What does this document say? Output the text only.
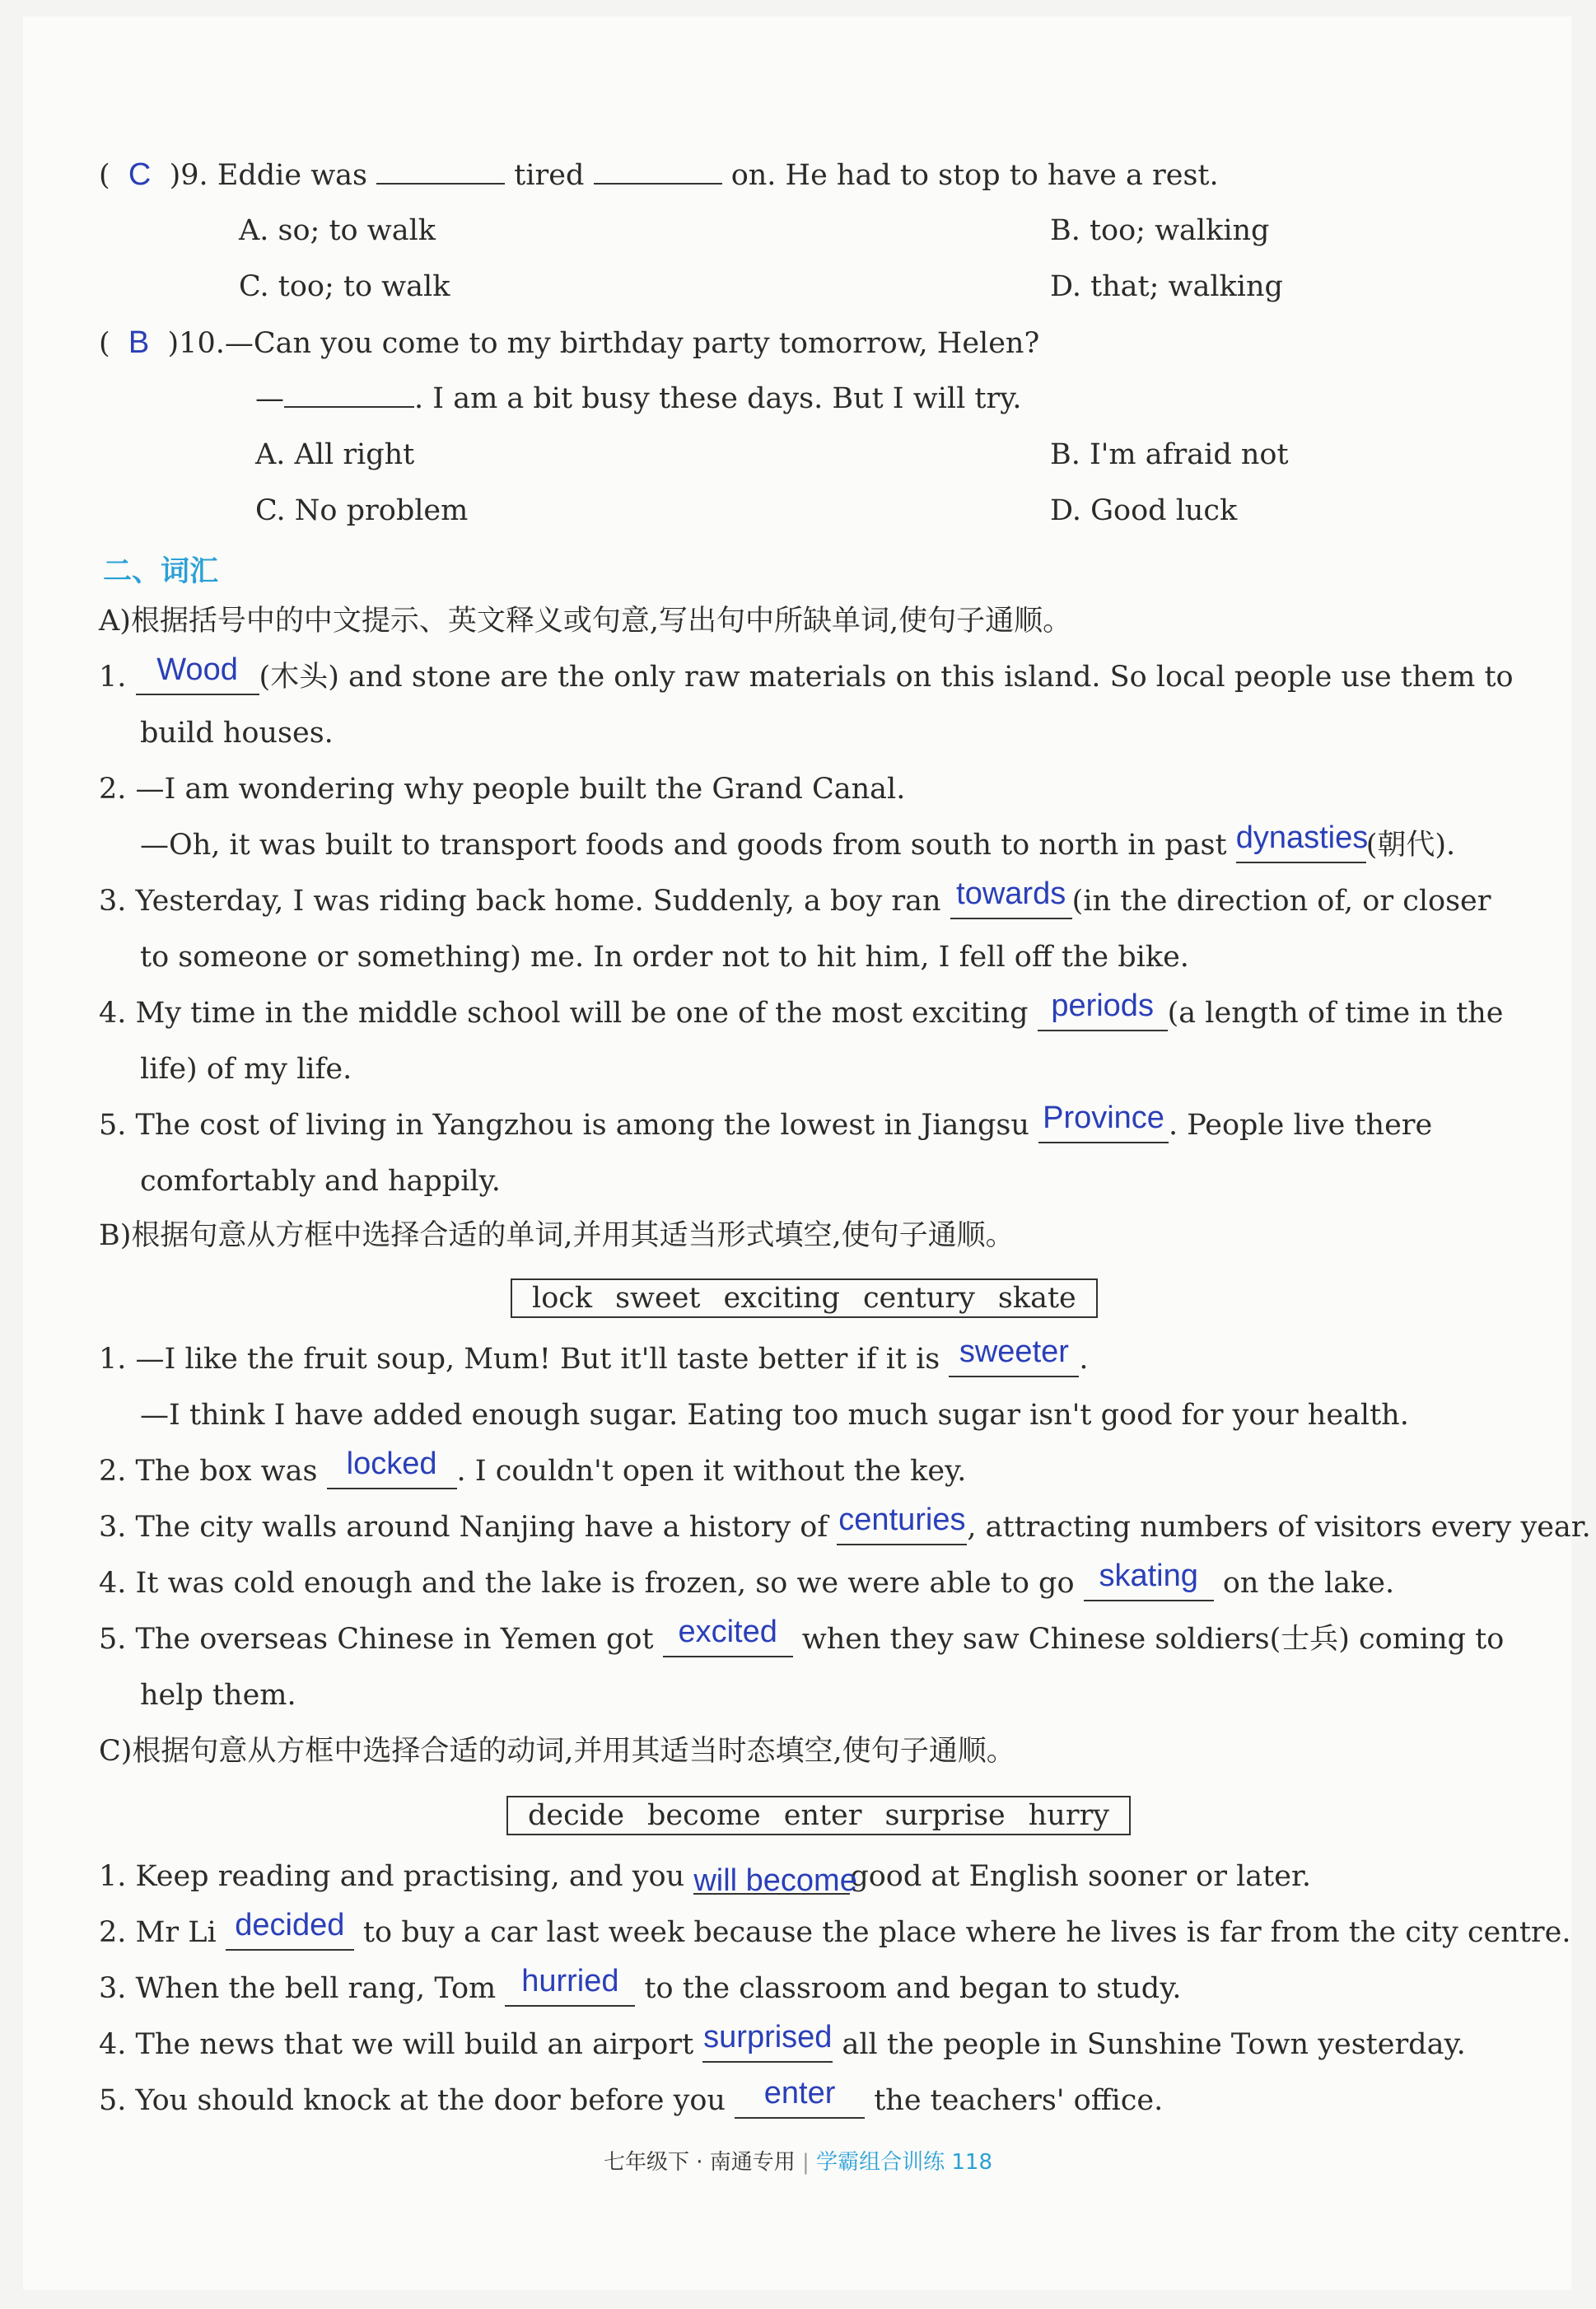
(  C )9. Eddie was	tired	on. He had to stop to have a rest.
A. so; to walk	B. too; walking
C. too; to walk	D. that; walking
(  B )10.—Can you come to my birthday party tomorrow, Helen?
—	. I am a bit busy these days. But I will try.
A. All right	B. I'm afraid not
C. No problem	D. Good luck
二、词汇
A)根据括号中的中文提示、英文释义或句意,写出句中所缺单词,使句子通顺。
1. Wood (木头) and stone are the only raw materials on this island. So local people use them to
build houses.
2. —I am wondering why people built the Grand Canal.
—Oh, it was built to transport foods and goods from south to north in past dynasties(朝代).
3. Yesterday, I was riding back home. Suddenly, a boy ran towards (in the direction of, or closer
to someone or something) me. In order not to hit him, I fell off the bike.
4. My time in the middle school will be one of the most exciting periods (a length of time in the
life) of my life.
5. The cost of living in Yangzhou is among the lowest in Jiangsu Province . People live there
comfortably and happily.
B)根据句意从方框中选择合适的单词,并用其适当形式填空,使句子通顺。
lock sweet exciting century skate
1. —I like the fruit soup, Mum! But it'll taste better if it is sweeter .
—I think I have added enough sugar. Eating too much sugar isn't good for your health.
2. The box was locked . I couldn't open it without the key.
3. The city walls around Nanjing have a history of centuries, attracting numbers of visitors every year.
4. It was cold enough and the lake is frozen, so we were able to go skating on the lake.
5. The overseas Chinese in Yemen got excited when they saw Chinese soldiers(士兵) coming to
help them.
C)根据句意从方框中选择合适的动词,并用其适当时态填空,使句子通顺。
decide become enter surprise hurry
1. Keep reading and practising, and you will becomegood at English sooner or later.
2. Mr Li decided to buy a car last week because the place where he lives is far from the city centre.
3. When the bell rang, Tom hurried to the classroom and began to study.
4. The news that we will build an airport surprised all the people in Sunshine Town yesterday.
5. You should knock at the door before you enter the teachers' office.
七年级下 · 南通专用 | 学霸组合训练 118
